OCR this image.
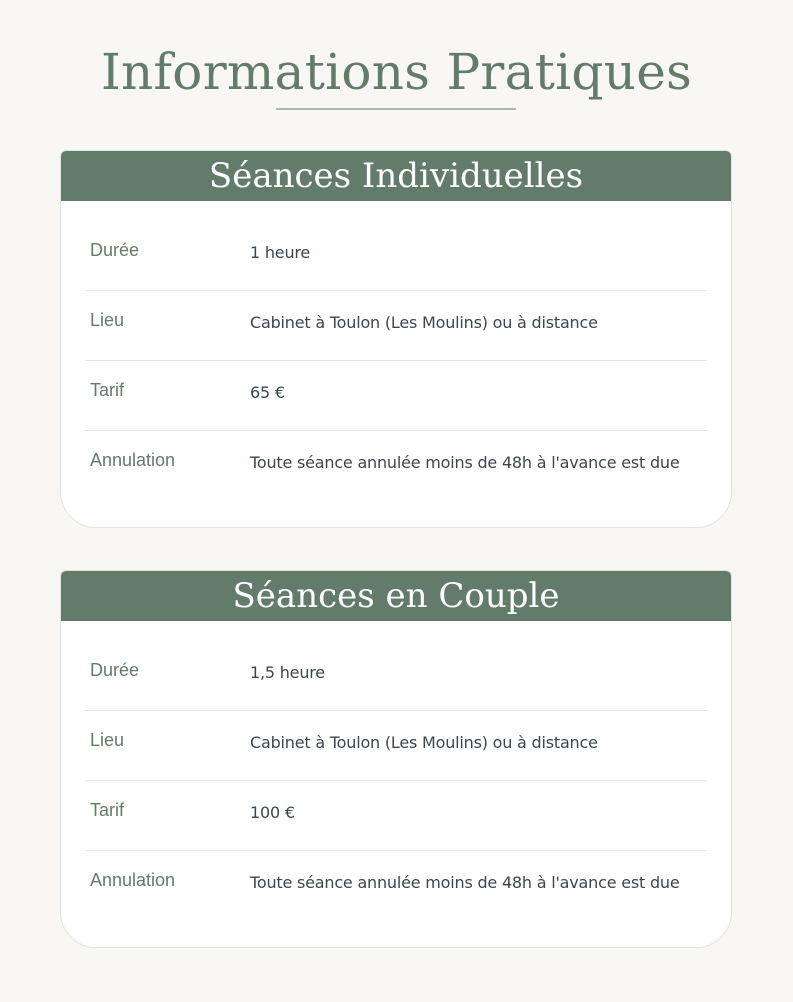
Informations Pratiques
Séances Individuelles
Durée	1 heure
Lieu	Cabinet à Toulon (Les Moulins) ou à distance
Tarif	65 €
Annulation	Toute séance annulée moins de 48h à l'avance est due
Séances en Couple
Durée	1,5 heure
Lieu	Cabinet à Toulon (Les Moulins) ou à distance
Tarif	100 €
Annulation	Toute séance annulée moins de 48h à l'avance est due
